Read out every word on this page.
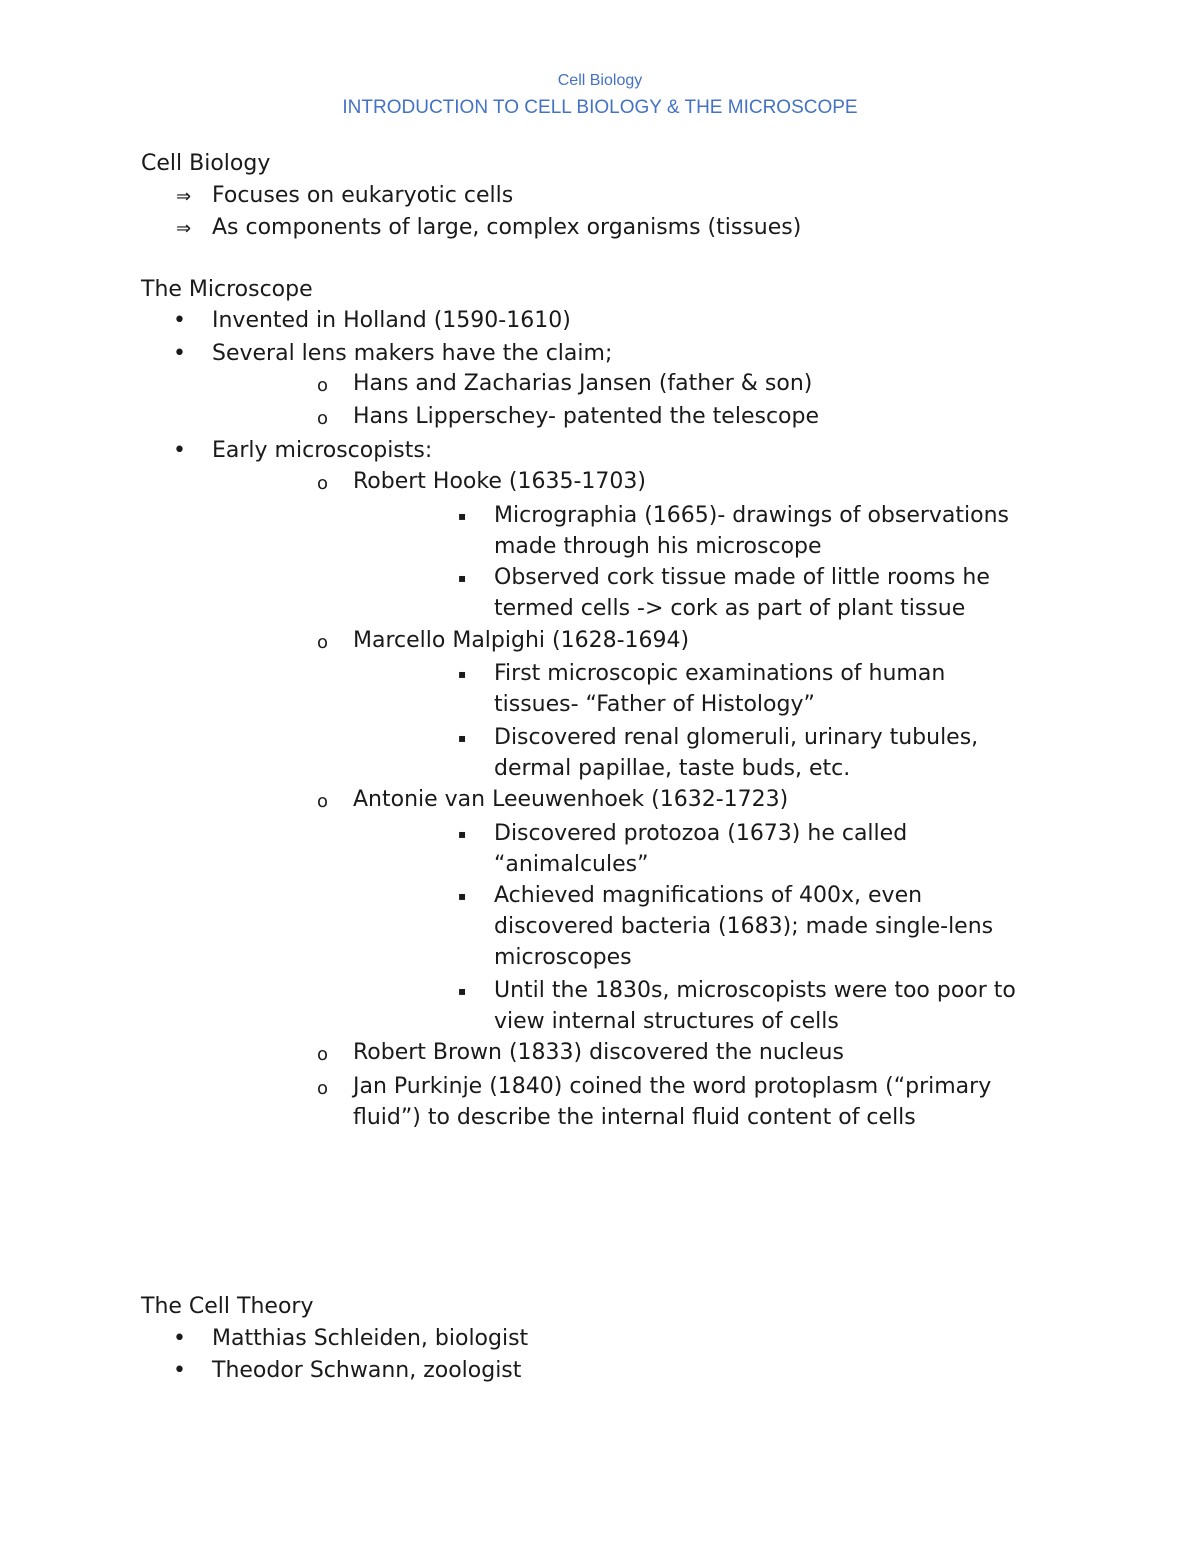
Cell Biology
INTRODUCTION TO CELL BIOLOGY & THE MICROSCOPE
Cell Biology
⇒ Focuses on eukaryotic cells
⇒ As components of large, complex organisms (tissues)
The Microscope
• Invented in Holland (1590-1610)
• Several lens makers have the claim;
o Hans and Zacharias Jansen (father & son)
o Hans Lipperschey- patented the telescope
• Early microscopists:
o Robert Hooke (1635-1703)
▪ Micrographia (1665)- drawings of observations
made through his microscope
▪ Observed cork tissue made of little rooms he
termed cells -> cork as part of plant tissue
o Marcello Malpighi (1628-1694)
▪ First microscopic examinations of human
tissues- “Father of Histology”
▪ Discovered renal glomeruli, urinary tubules,
dermal papillae, taste buds, etc.
o Antonie van Leeuwenhoek (1632-1723)
▪ Discovered protozoa (1673) he called
“animalcules”
▪ Achieved magnifications of 400x, even
discovered bacteria (1683); made single-lens
microscopes
▪ Until the 1830s, microscopists were too poor to
view internal structures of cells
o Robert Brown (1833) discovered the nucleus
o Jan Purkinje (1840) coined the word protoplasm (“primary
fluid”) to describe the internal fluid content of cells
The Cell Theory
• Matthias Schleiden, biologist
• Theodor Schwann, zoologist
